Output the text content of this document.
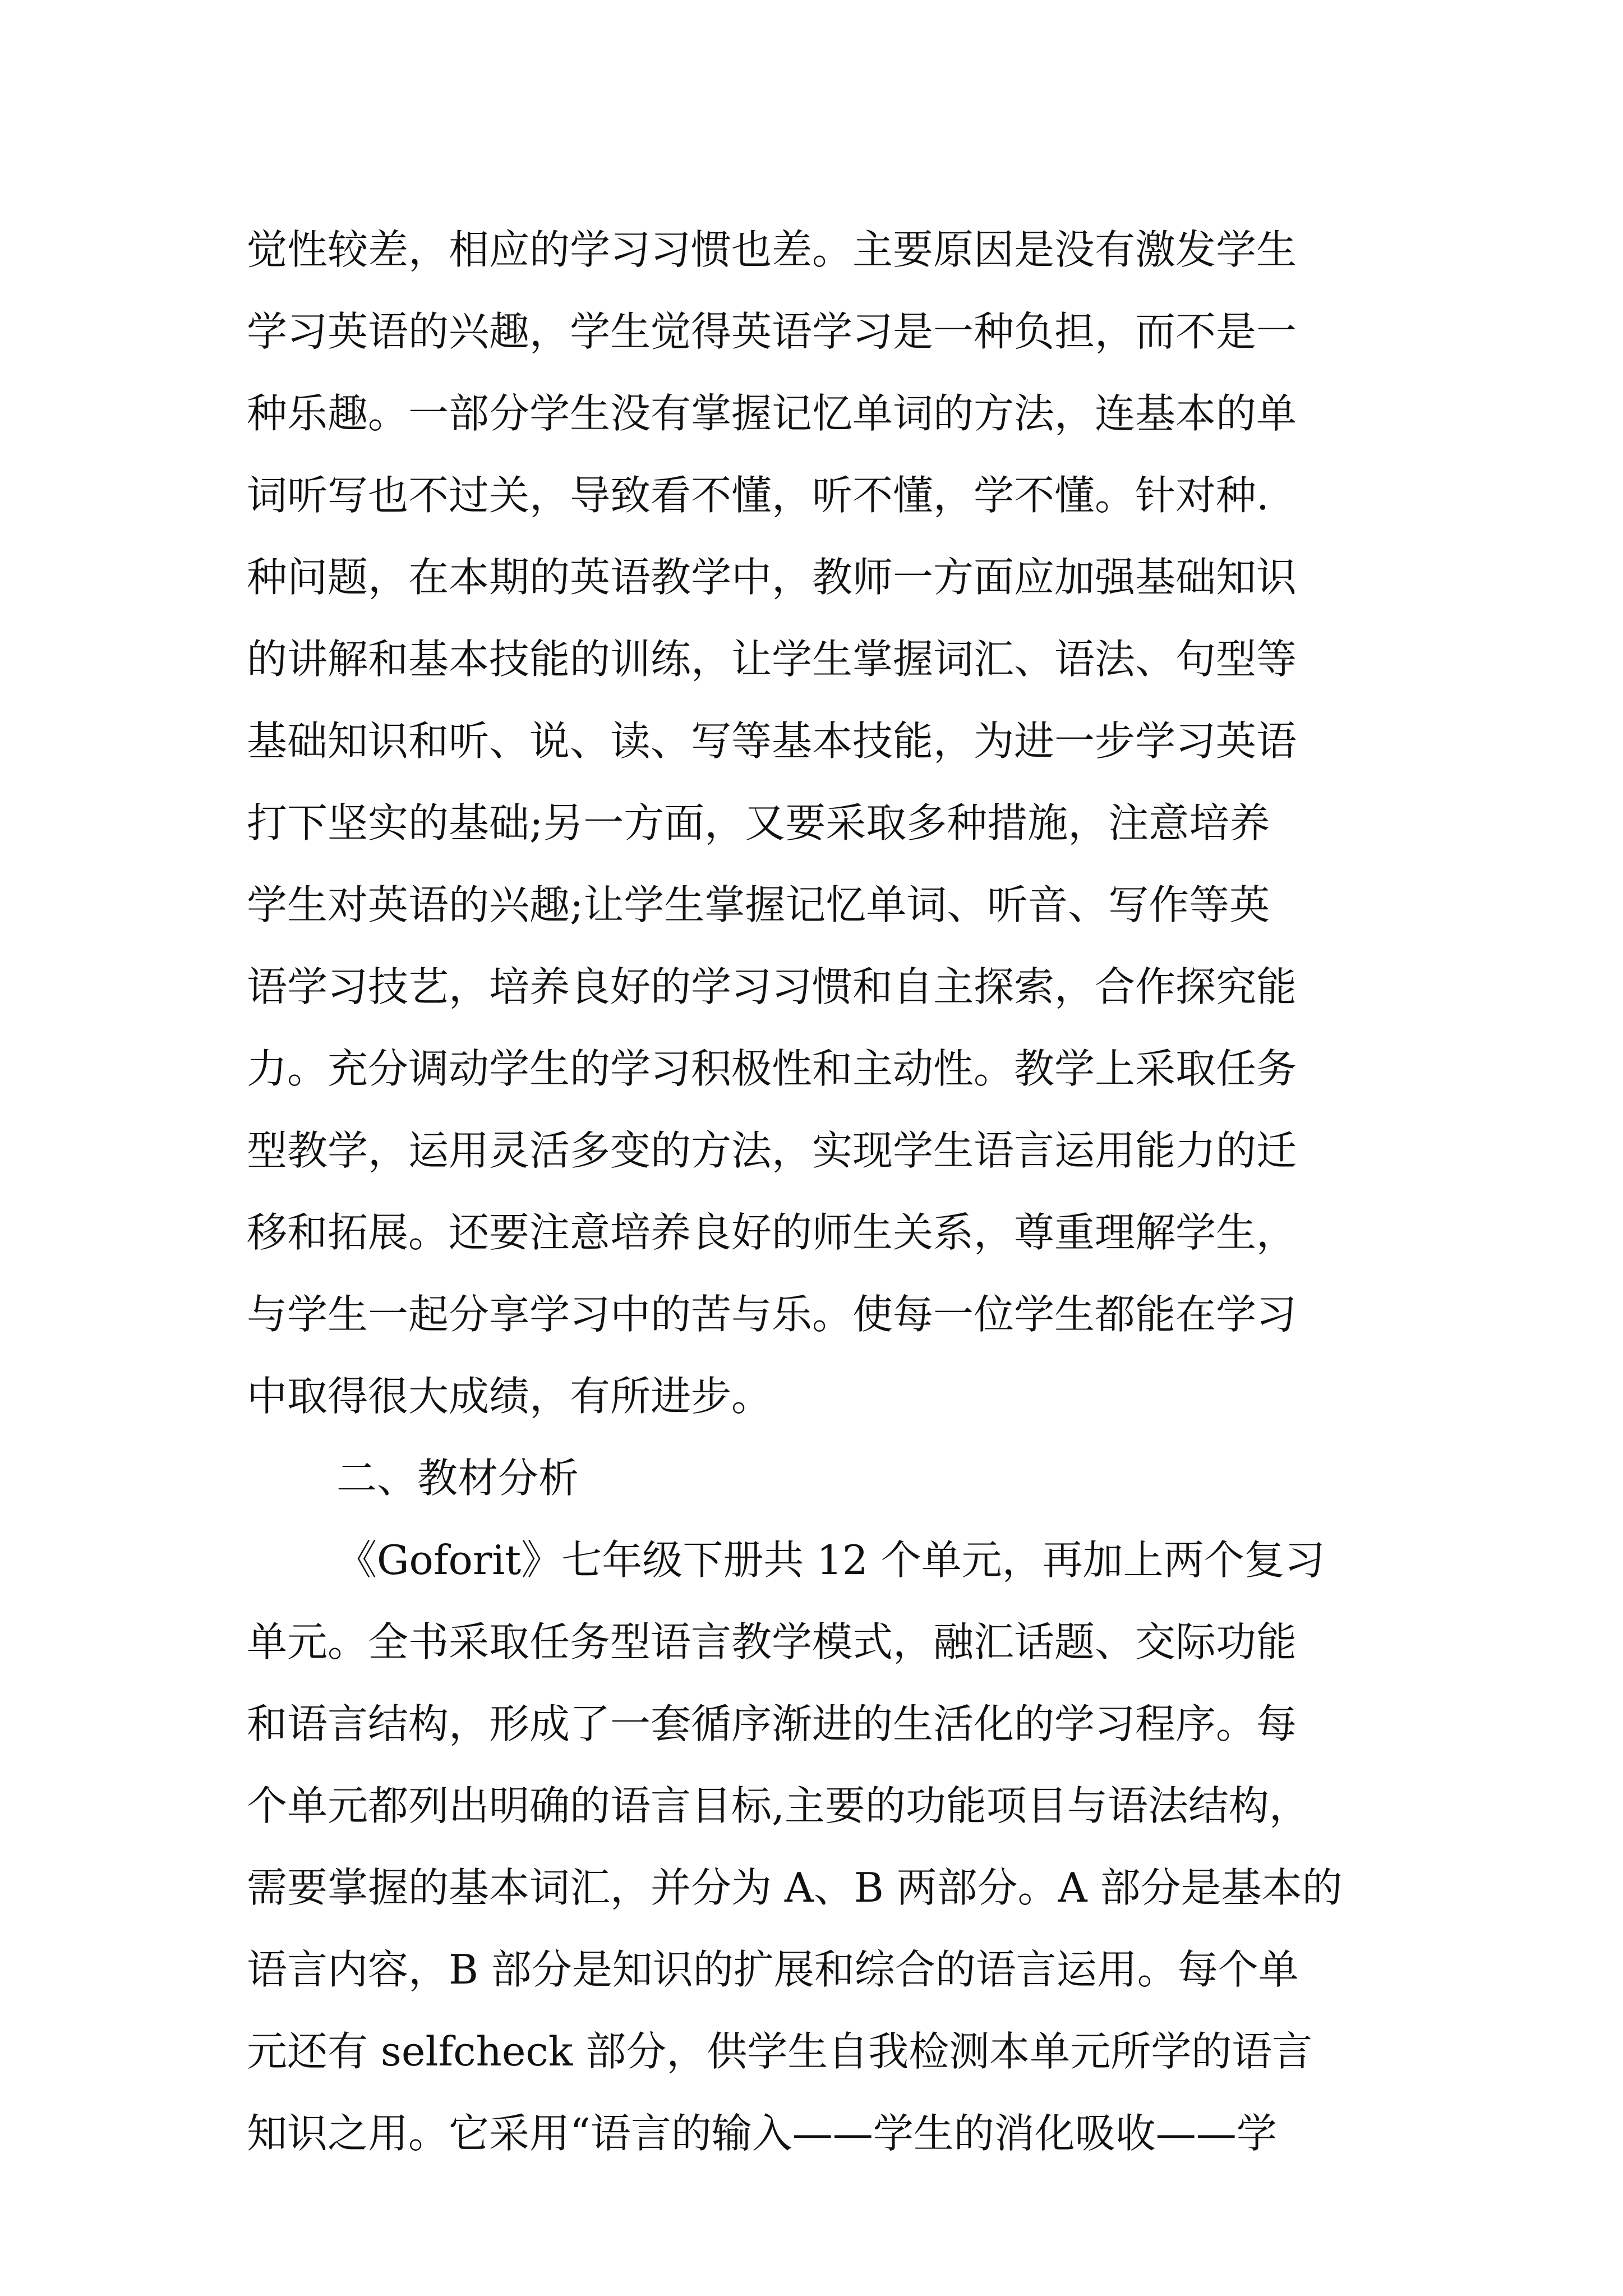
觉性较差，相应的学习习惯也差。主要原因是没有激发学生
学习英语的兴趣，学生觉得英语学习是一种负担，而不是一
种乐趣。一部分学生没有掌握记忆单词的方法，连基本的单
词听写也不过关，导致看不懂，听不懂，学不懂。针对种.
种问题，在本期的英语教学中，教师一方面应加强基础知识
的讲解和基本技能的训练，让学生掌握词汇、语法、句型等
基础知识和听、说、读、写等基本技能，为进一步学习英语
打下坚实的基础;另一方面，又要采取多种措施，注意培养
学生对英语的兴趣;让学生掌握记忆单词、听音、写作等英
语学习技艺，培养良好的学习习惯和自主探索，合作探究能
力。充分调动学生的学习积极性和主动性。教学上采取任务
型教学，运用灵活多变的方法，实现学生语言运用能力的迁
移和拓展。还要注意培养良好的师生关系，尊重理解学生，
与学生一起分享学习中的苦与乐。使每一位学生都能在学习
中取得很大成绩，有所进步。
二、教材分析
《Goforit》七年级下册共 12 个单元，再加上两个复习
单元。全书采取任务型语言教学模式，融汇话题、交际功能
和语言结构，形成了一套循序渐进的生活化的学习程序。每
个单元都列出明确的语言目标,主要的功能项目与语法结构，
需要掌握的基本词汇，并分为 A、B 两部分。A 部分是基本的
语言内容，B 部分是知识的扩展和综合的语言运用。每个单
元还有 selfcheck 部分，供学生自我检测本单元所学的语言
知识之用。它采用“语言的输入——学生的消化吸收——学
